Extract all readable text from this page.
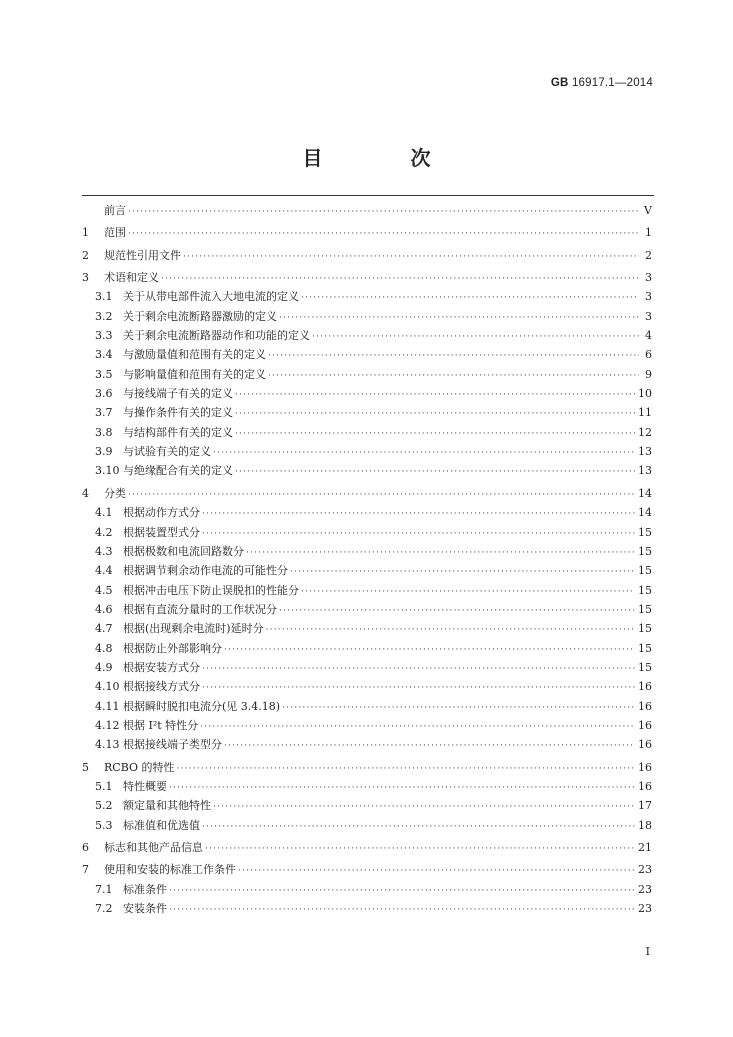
GB 16917.1—2014
目　次
前言 ·····	V
1	范围 ·····	1
2	规范性引用文件 ·····	2
3	术语和定义 ·····	3
3.1 关于从带电部件流入大地电流的定义 ·····	3
3.2 关于剩余电流断路器激励的定义 ·····	3
3.3 关于剩余电流断路器动作和功能的定义 ·····	4
3.4 与激励量值和范围有关的定义 ·····	6
3.5 与影响量值和范围有关的定义 ·····	9
3.6 与接线端子有关的定义 ·····	10
3.7 与操作条件有关的定义 ·····	11
3.8 与结构部件有关的定义 ·····	12
3.9 与试验有关的定义 ·····	13
3.10 与绝缘配合有关的定义 ·····	13
4	分类 ·····	14
4.1 根据动作方式分 ·····	14
4.2 根据装置型式分 ·····	15
4.3 根据极数和电流回路数分 ·····	15
4.4 根据调节剩余动作电流的可能性分 ·····	15
4.5 根据冲击电压下防止误脱扣的性能分 ·····	15
4.6 根据有直流分量时的工作状况分 ·····	15
4.7 根据(出现剩余电流时)延时分 ·····	15
4.8 根据防止外部影响分 ·····	15
4.9 根据安装方式分 ·····	15
4.10 根据接线方式分 ·····	16
4.11 根据瞬时脱扣电流分(见 3.4.18) ·····	16
4.12 根据 I²t 特性分 ·····	16
4.13 根据接线端子类型分 ·····	16
5	RCBO 的特性 ·····	16
5.1 特性概要 ·····	16
5.2 额定量和其他特性 ·····	17
5.3 标准值和优选值 ·····	18
6	标志和其他产品信息 ·····	21
7	使用和安装的标准工作条件 ·····	23
7.1 标准条件 ·····	23
7.2 安装条件 ·····	23
I
